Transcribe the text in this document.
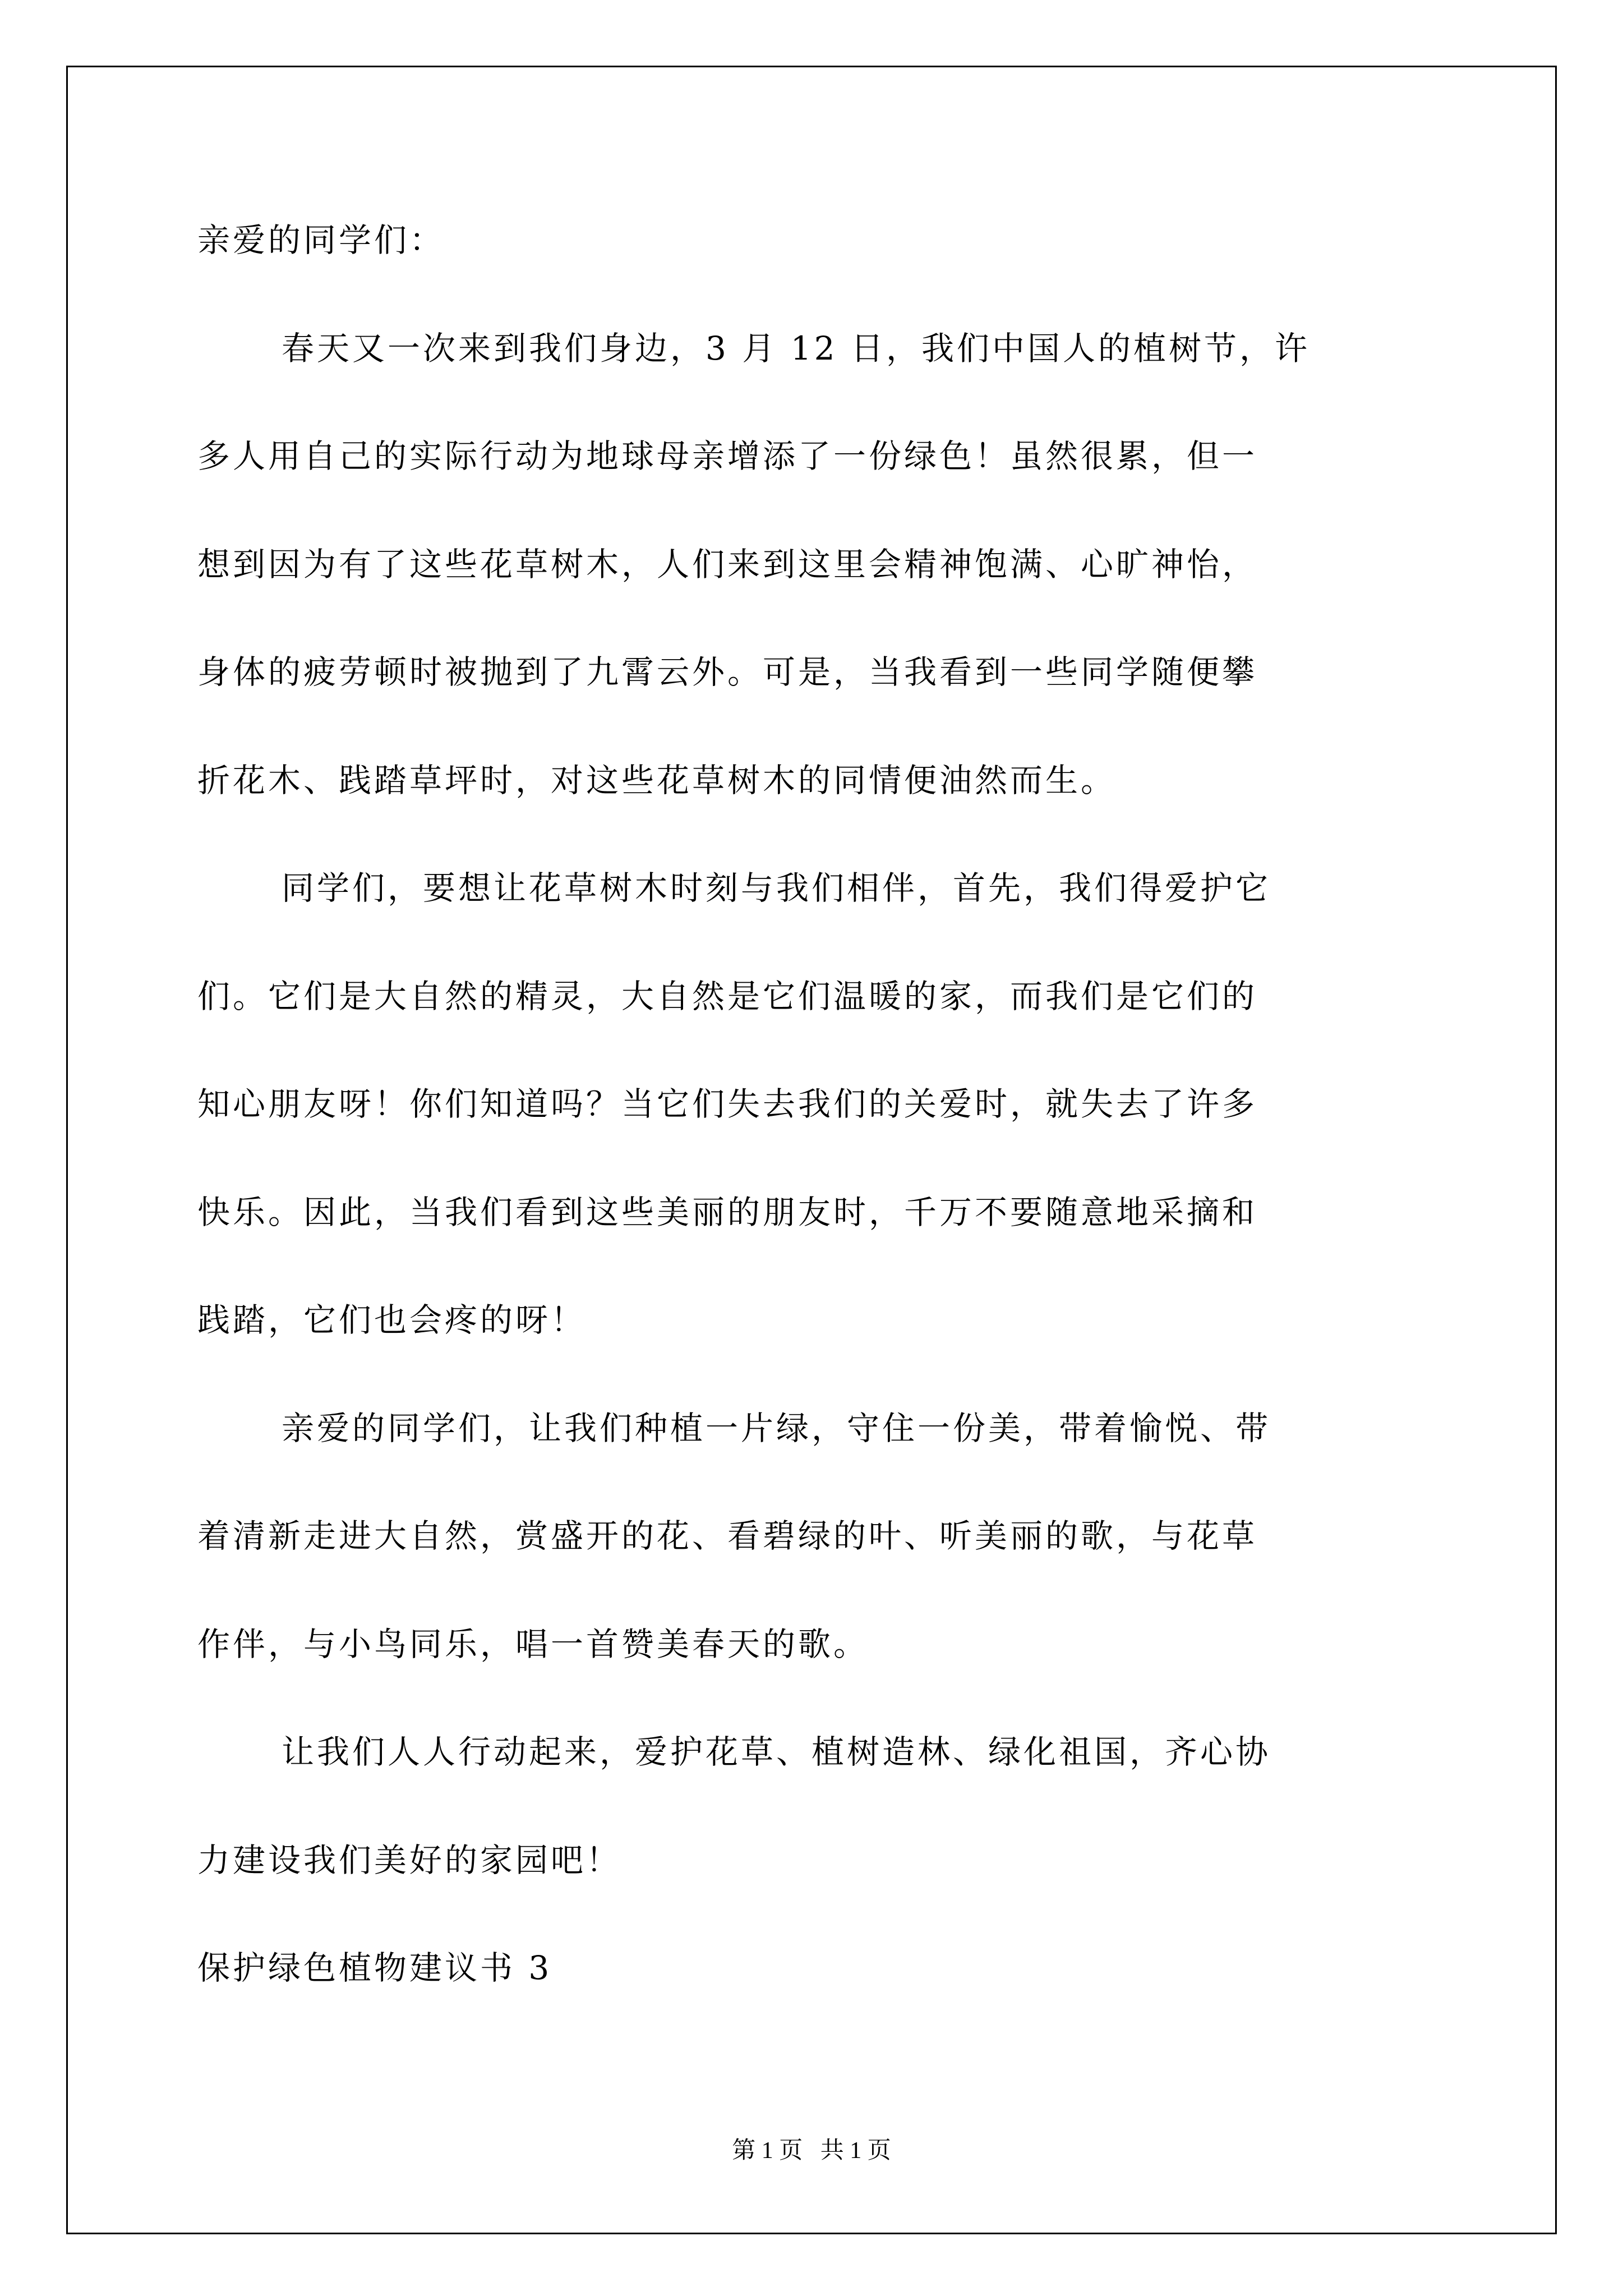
亲爱的同学们：
春天又一次来到我们身边，3 月 12 日，我们中国人的植树节，许
多人用自己的实际行动为地球母亲增添了一份绿色！虽然很累，但一
想到因为有了这些花草树木，人们来到这里会精神饱满、心旷神怡，
身体的疲劳顿时被抛到了九霄云外。可是，当我看到一些同学随便攀
折花木、践踏草坪时，对这些花草树木的同情便油然而生。
同学们，要想让花草树木时刻与我们相伴，首先，我们得爱护它
们。它们是大自然的精灵，大自然是它们温暖的家，而我们是它们的
知心朋友呀！你们知道吗？当它们失去我们的关爱时，就失去了许多
快乐。因此，当我们看到这些美丽的朋友时，千万不要随意地采摘和
践踏，它们也会疼的呀！
亲爱的同学们，让我们种植一片绿，守住一份美，带着愉悦、带
着清新走进大自然，赏盛开的花、看碧绿的叶、听美丽的歌，与花草
作伴，与小鸟同乐，唱一首赞美春天的歌。
让我们人人行动起来，爱护花草、植树造林、绿化祖国，齐心协
力建设我们美好的家园吧！
保护绿色植物建议书 3
第 1 页   共 1 页
